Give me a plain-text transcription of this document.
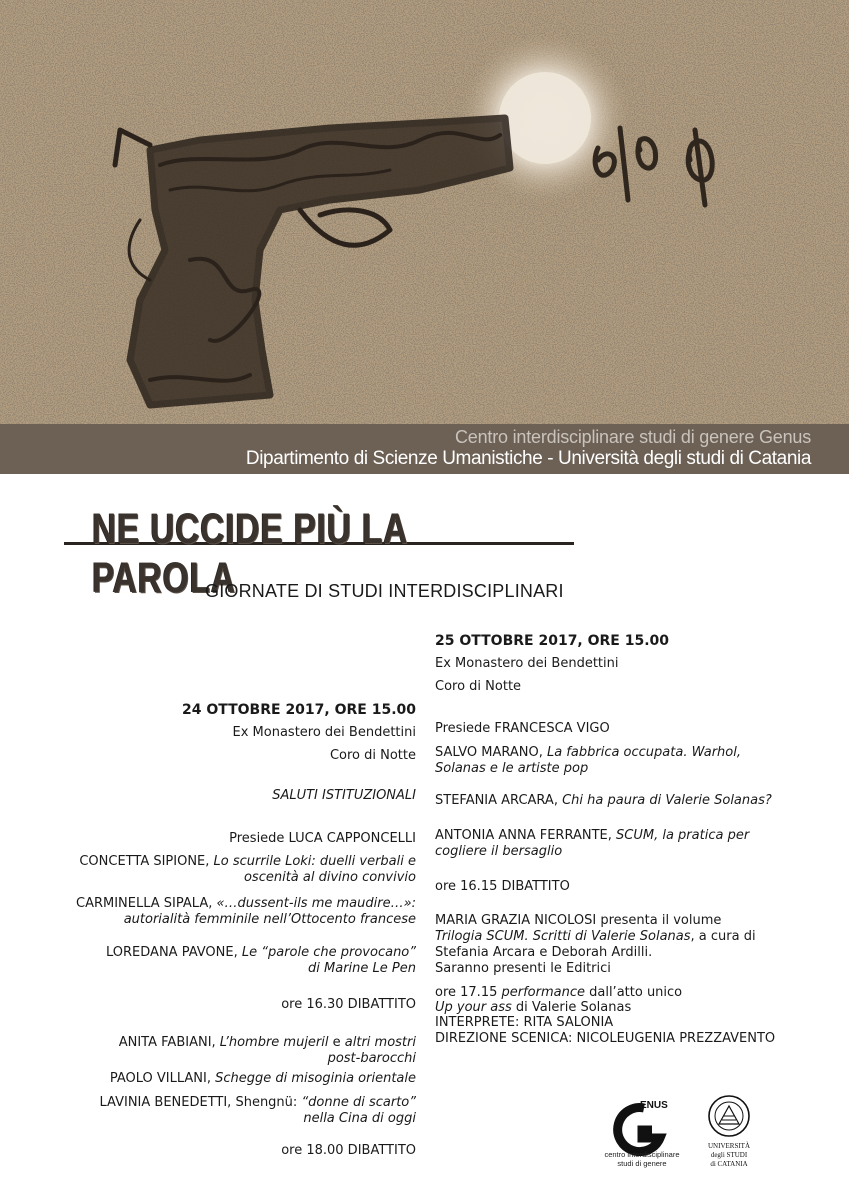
Centro interdisciplinare studi di genere Genus
Dipartimento di Scienze Umanistiche - Università degli studi di Catania
NE UCCIDE PIÙ LA PAROLA
GIORNATE DI STUDI INTERDISCIPLINARI
24 OTTOBRE 2017, ORE 15.00
Ex Monastero dei Bendettini
Coro di Notte
SALUTI ISTITUZIONALI
Presiede LUCA CAPPONCELLI
CONCETTA SIPIONE, Lo scurrile Loki: duelli verbali e
oscenità al divino convivio
CARMINELLA SIPALA, «…dussent-ils me maudire…»:
autorialità femminile nell’Ottocento francese
LOREDANA PAVONE, Le “parole che provocano”
di Marine Le Pen
ore 16.30 DIBATTITO
ANITA FABIANI, L’hombre mujeril e altri mostri
post-barocchi
PAOLO VILLANI, Schegge di misoginia orientale
LAVINIA BENEDETTI, Shengnü: “donne di scarto”
nella Cina di oggi
ore 18.00 DIBATTITO
25 OTTOBRE 2017, ORE 15.00
Ex Monastero dei Bendettini
Coro di Notte
Presiede FRANCESCA VIGO
SALVO MARANO, La fabbrica occupata. Warhol,
Solanas e le artiste pop
STEFANIA ARCARA, Chi ha paura di Valerie Solanas?
ANTONIA ANNA FERRANTE, SCUM, la pratica per
cogliere il bersaglio
ore 16.15 DIBATTITO
MARIA GRAZIA NICOLOSI presenta il volume
Trilogia SCUM. Scritti di Valerie Solanas, a cura di
Stefania Arcara e Deborah Ardilli.
Saranno presenti le Editrici
ore 17.15 performance dall’atto unico
Up your ass di Valerie Solanas
INTERPRETE: RITA SALONIA
DIREZIONE SCENICA: NICOLEUGENIA PREZZAVENTO
ENUS
centro interdisciplinare
studi di genere
UNIVERSITÀ
degli STUDI
di CATANIA
